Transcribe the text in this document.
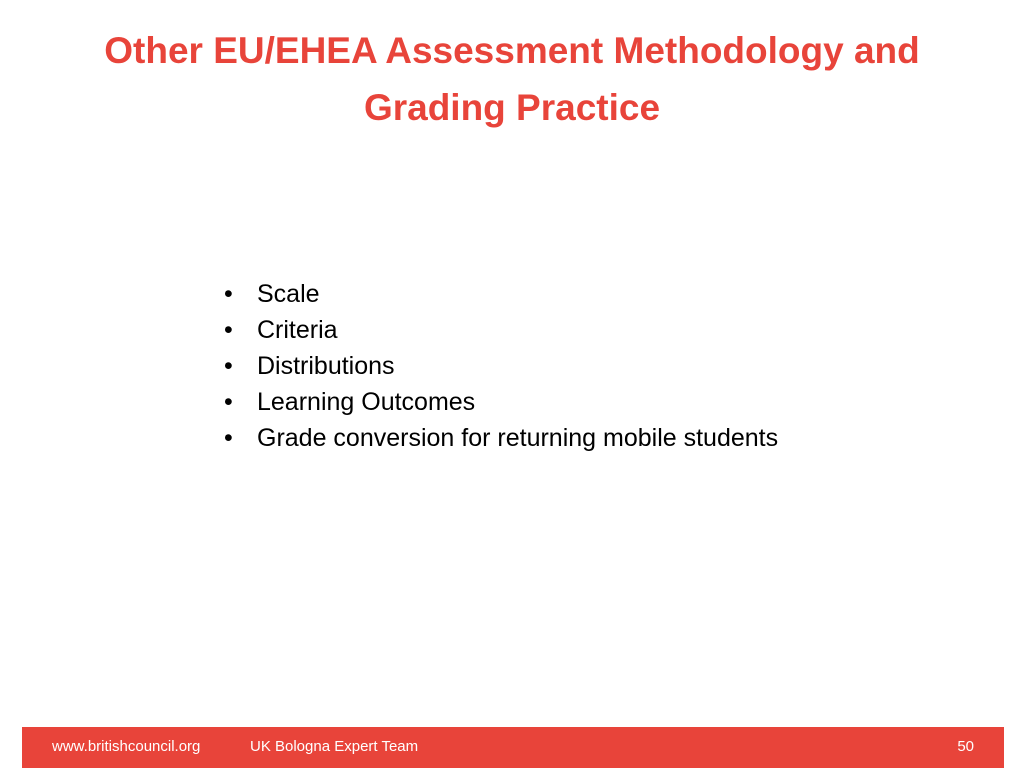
Other EU/EHEA Assessment Methodology and
Grading Practice
• Scale
• Criteria
• Distributions
• Learning Outcomes
• Grade conversion for returning mobile students
www.britishcouncil.org	UK Bologna Expert Team	50
